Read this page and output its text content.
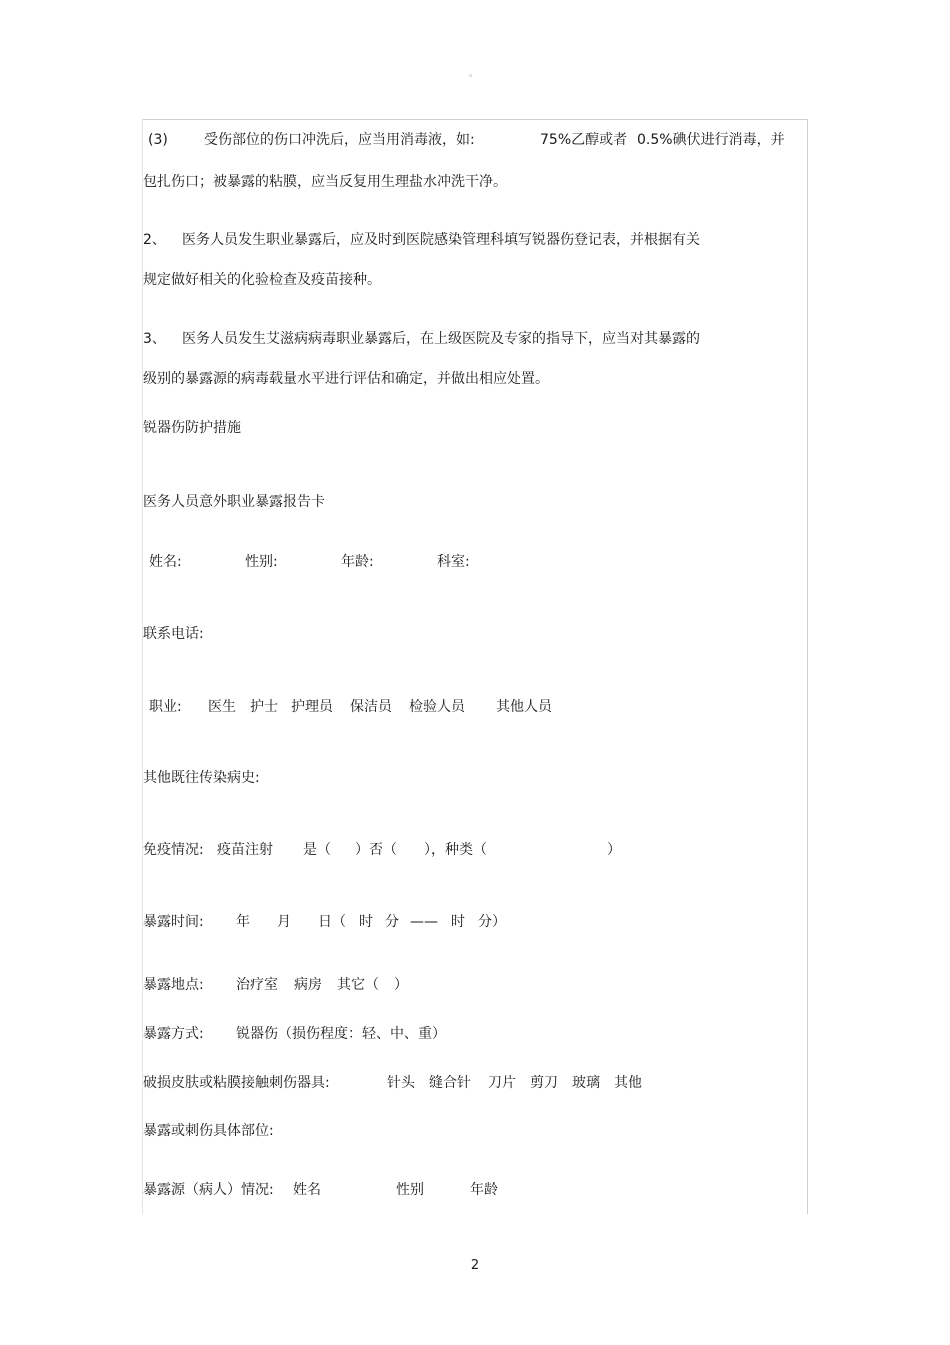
。
(3)	受伤部位的伤口冲洗后，应当用消毒液，如:	75%乙醇或者 0.5%碘伏进行消毒，并
包扎伤口；被暴露的粘膜，应当反复用生理盐水冲洗干净。
2、 医务人员发生职业暴露后，应及时到医院感染管理科填写锐器伤登记表，并根据有关
规定做好相关的化验检查及疫苗接种。
3、 医务人员发生艾滋病病毒职业暴露后，在上级医院及专家的指导下，应当对其暴露的
级别的暴露源的病毒载量水平进行评估和确定，并做出相应处置。
锐器伤防护措施
医务人员意外职业暴露报告卡
姓名:	性别:	年龄:	科室:
联系电话:
职业: 医生 护士 护理员 保洁员 检验人员 其他人员
其他既往传染病史:
免疫情况: 疫苗注射 是（ ）否（ ），种类（	）
暴露时间: 年 月 日（ 时 分 —— 时 分）
暴露地点: 治疗室 病房 其它（ ）
暴露方式: 锐器伤（损伤程度：轻、中、重）
破损皮肤或粘膜接触刺伤器具:	针头 缝合针 刀片 剪刀 玻璃 其他
暴露或刺伤具体部位:
暴露源（病人）情况: 姓名	性别	年龄
2
